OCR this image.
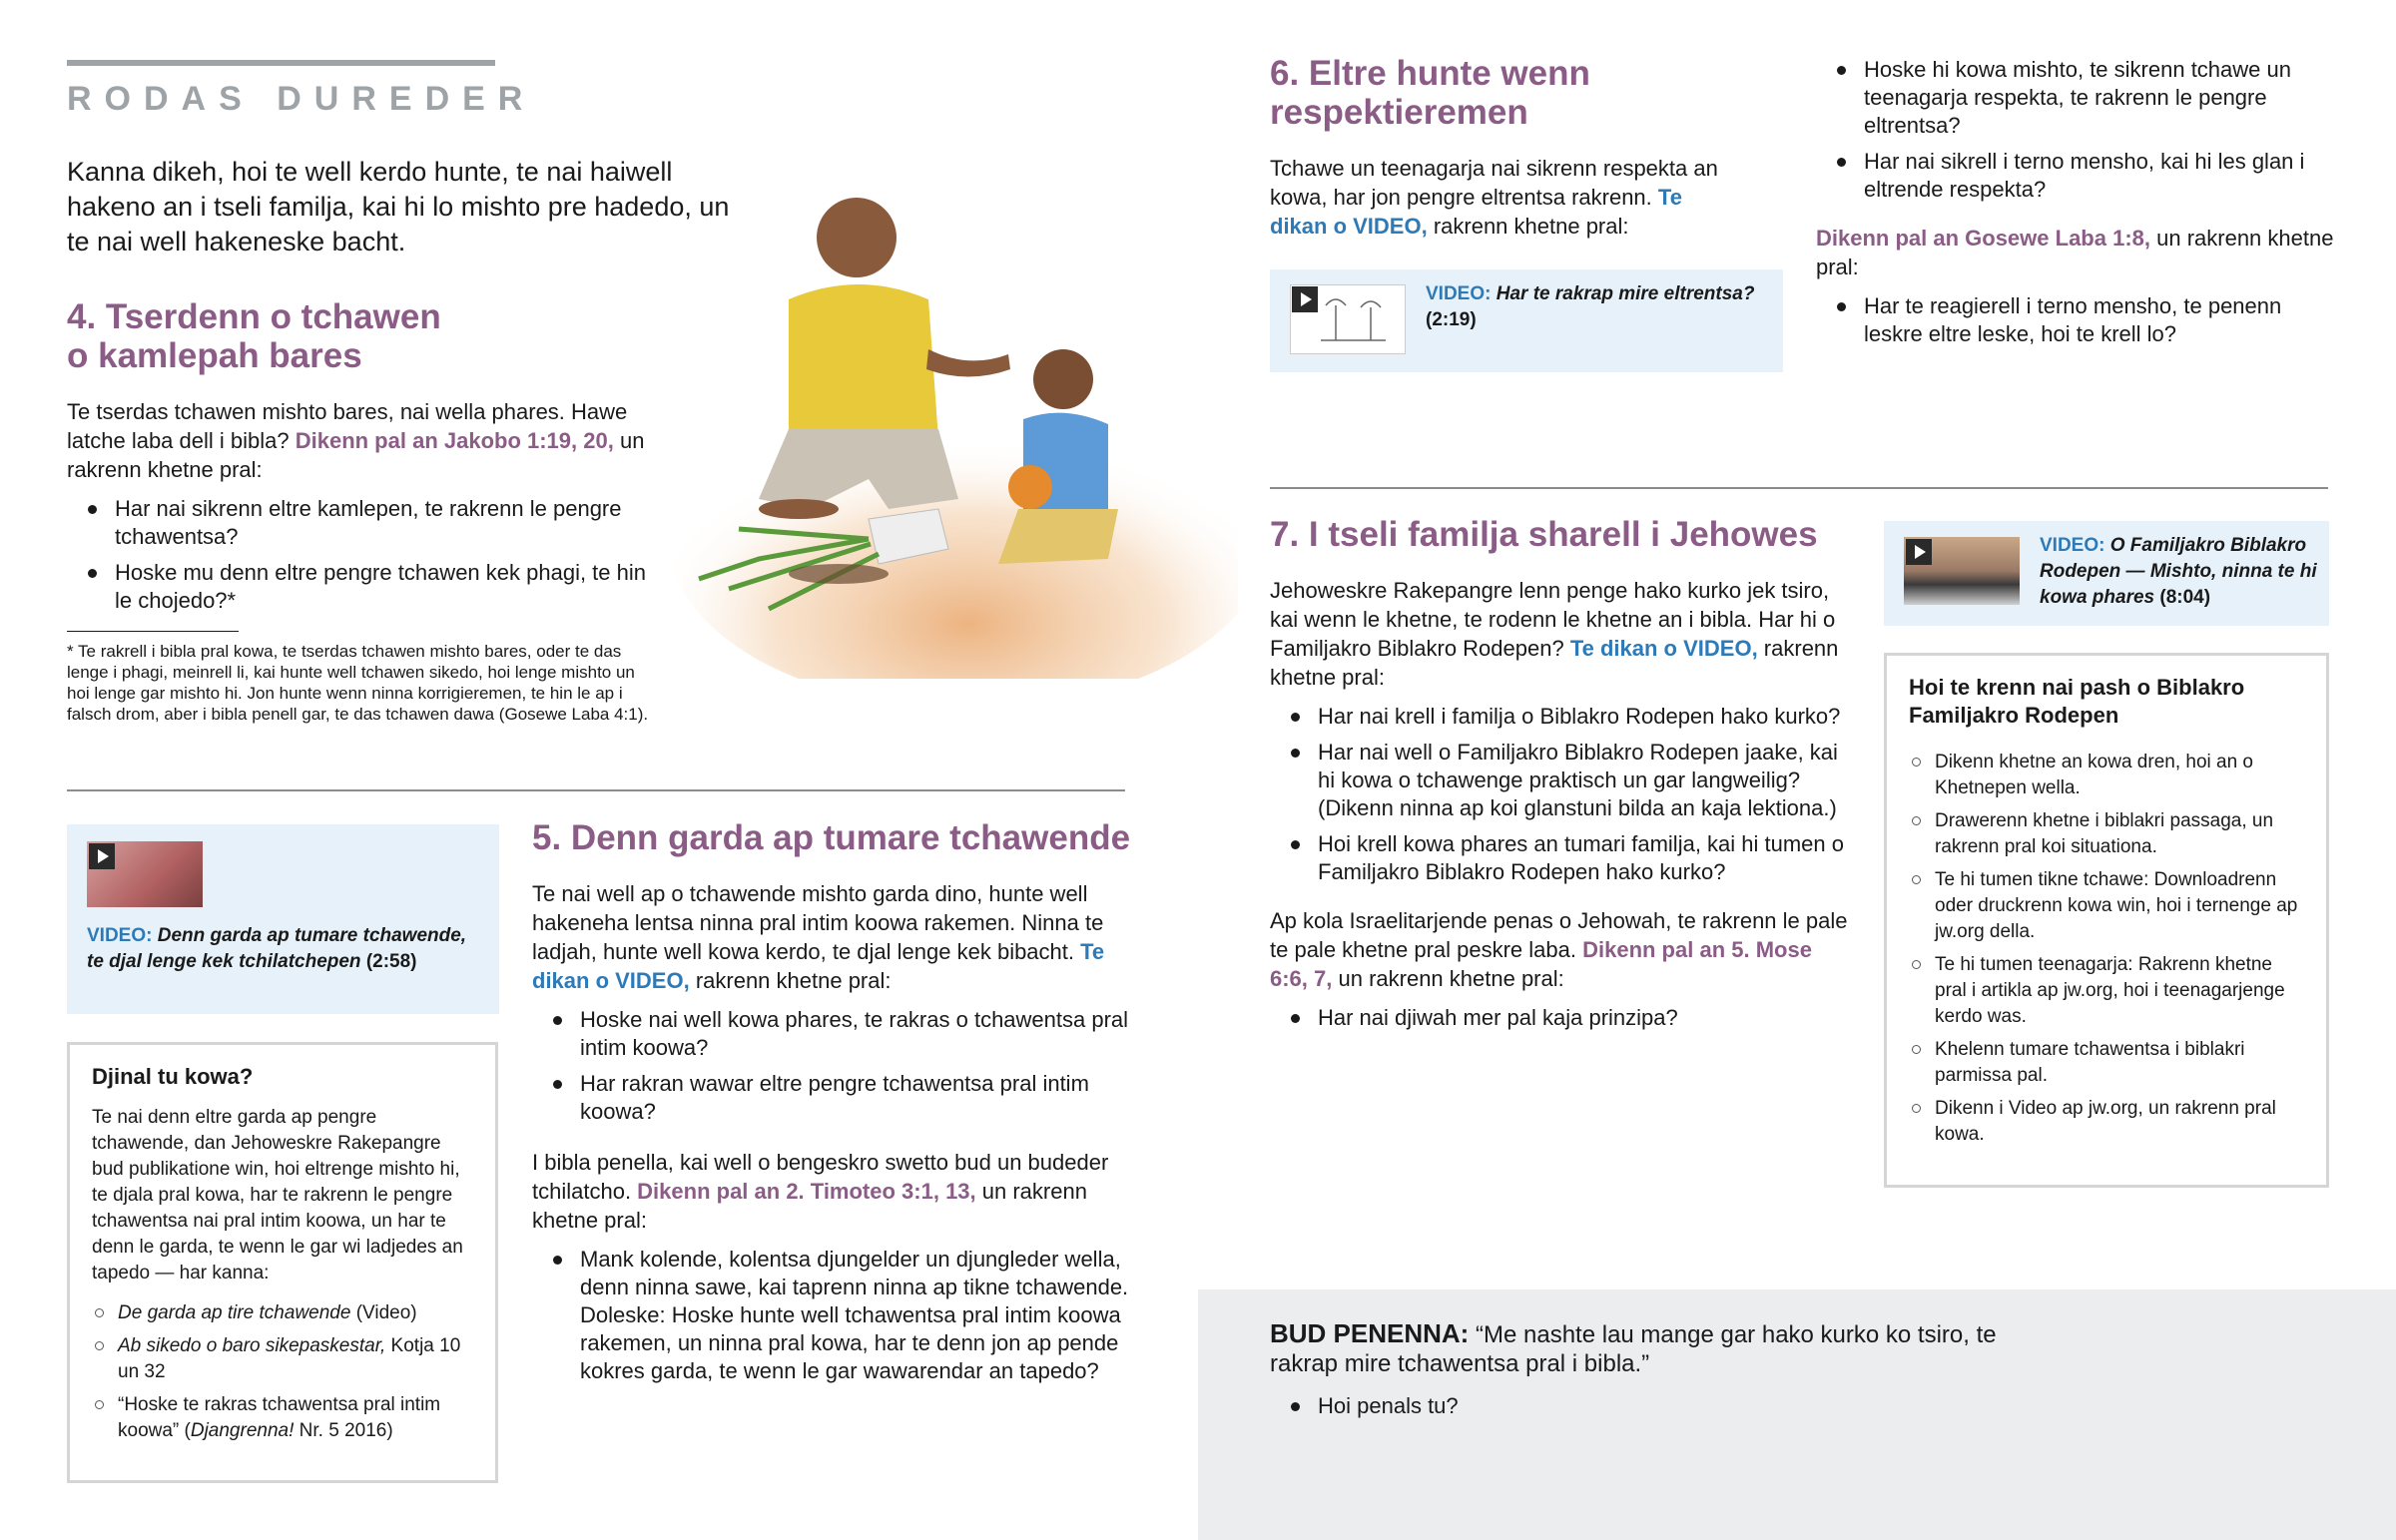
RODAS DUREDER
Kanna dikeh, hoi te well kerdo hunte, te nai haiwell hakeno an i tseli familja, kai hi lo mishto pre hadedo, un te nai well hakeneske bacht.
4. Tserdenn o tchawen
o kamlepah bares

Te tserdas tchawen mishto bares, nai wella phares. Hawe latche laba dell i bibla? Dikenn pal an Jakobo 1:19, 20, un rakrenn khetne pral:

Har nai sikrenn eltre kamlepen, te rakrenn le pengre tchawentsa?
Hoske mu denn eltre pengre tchawen kek phagi, te hin le chojedo?*
* Te rakrell i bibla pral kowa, te tserdas tchawen mishto bares, oder te das lenge i phagi, meinrell li, kai hunte well tchawen sikedo, hoi lenge mishto un hoi lenge gar mishto hi. Jon hunte wenn ninna korrigieremen, te hin le ap i falsch drom, aber i bibla penell gar, te das tchawen dawa (Gosewe Laba 4:1).
VIDEO: Denn garda ap tumare tchawende, te djal lenge kek tchilatchepen (2:58)
Djinal tu kowa?

Te nai denn eltre garda ap pengre tchawende, dan Jehoweskre Rakepangre bud publikatione win, hoi eltrenge mishto hi, te djala pral kowa, har te rakrenn le pengre tchawentsa nai pral intim koowa, un har te denn le garda, te wenn le gar wi ladjedes an tapedo — har kanna:

De garda ap tire tchawende (Video)
Ab sikedo o baro sikepaskestar, Kotja 10 un 32
“Hoske te rakras tchawentsa pral intim koowa” (Djangrenna! Nr. 5 2016)
5. Denn garda ap tumare tchawende

Te nai well ap o tchawende mishto garda dino, hunte well hakeneha lentsa ninna pral intim koowa rakemen. Ninna te ladjah, hunte well kowa kerdo, te djal lenge kek bibacht. Te dikan o VIDEO, rakrenn khetne pral:

Hoske nai well kowa phares, te rakras o tchawentsa pral intim koowa?
Har rakran wawar eltre pengre tchawentsa pral intim koowa?

I bibla penella, kai well o bengeskro swetto bud un budeder tchilatcho. Dikenn pal an 2. Timoteo 3:1, 13, un rakrenn khetne pral:

Mank kolende, kolentsa djungelder un djungleder wella, denn ninna sawe, kai taprenn ninna ap tikne tchawende. Doleske: Hoske hunte well tchawentsa pral intim koowa rakemen, un ninna pral kowa, har te denn jon ap pende kokres garda, te wenn le gar wawarendar an tapedo?
6. Eltre hunte wenn
respektieremen

Tchawe un teenagarja nai sikrenn respekta an kowa, har jon pengre eltrentsa rakrenn. Te dikan o VIDEO, rakrenn khetne pral:

VIDEO: Har te rakrap mire eltrentsa?
(2:19)
Hoske hi kowa mishto, te sikrenn tchawe un teenagarja respekta, te rakrenn le pengre eltrentsa?
Har nai sikrell i terno mensho, kai hi les glan i eltrende respekta?

Dikenn pal an Gosewe Laba 1:8, un rakrenn khetne pral:

Har te reagierell i terno mensho, te penenn leskre eltre leske, hoi te krell lo?
7. I tseli familja sharell i Jehowes

Jehoweskre Rakepangre lenn penge hako kurko jek tsiro, kai wenn le khetne, te rodenn le khetne an i bibla. Har hi o Familjakro Biblakro Rodepen? Te dikan o VIDEO, rakrenn khetne pral:

Har nai krell i familja o Biblakro Rodepen hako kurko?
Har nai well o Familjakro Biblakro Rodepen jaake, kai hi kowa o tchawenge praktisch un gar langweilig? (Dikenn ninna ap koi glanstuni bilda an kaja lektiona.)
Hoi krell kowa phares an tumari familja, kai hi tumen o Familjakro Biblakro Rodepen hako kurko?

Ap kola Israelitarjende penas o Jehowah, te rakrenn le pale te pale khetne pral peskre laba. Dikenn pal an 5. Mose 6:6, 7, un rakrenn khetne pral:

Har nai djiwah mer pal kaja prinzipa?
VIDEO: O Familjakro Biblakro Rodepen — Mishto, ninna te hi kowa phares (8:04)
Hoi te krenn nai pash o Biblakro Familjakro Rodepen
Dikenn khetne an kowa dren, hoi an o Khetnepen wella.
Drawerenn khetne i biblakri passaga, un rakrenn pral koi situationa.
Te hi tumen tikne tchawe: Downloadrenn oder druckrenn kowa win, hoi i ternenge ap jw.org della.
Te hi tumen teenagarja: Rakrenn khetne pral i artikla ap jw.org, hoi i teenagarjenge kerdo was.
Khelenn tumare tchawentsa i biblakri parmissa pal.
Dikenn i Video ap jw.org, un rakrenn pral kowa.

BUD PENENNA: “Me nashte lau mange gar hako kurko ko tsiro, te rakrap mire tchawentsa pral i bibla.”

Hoi penals tu?
